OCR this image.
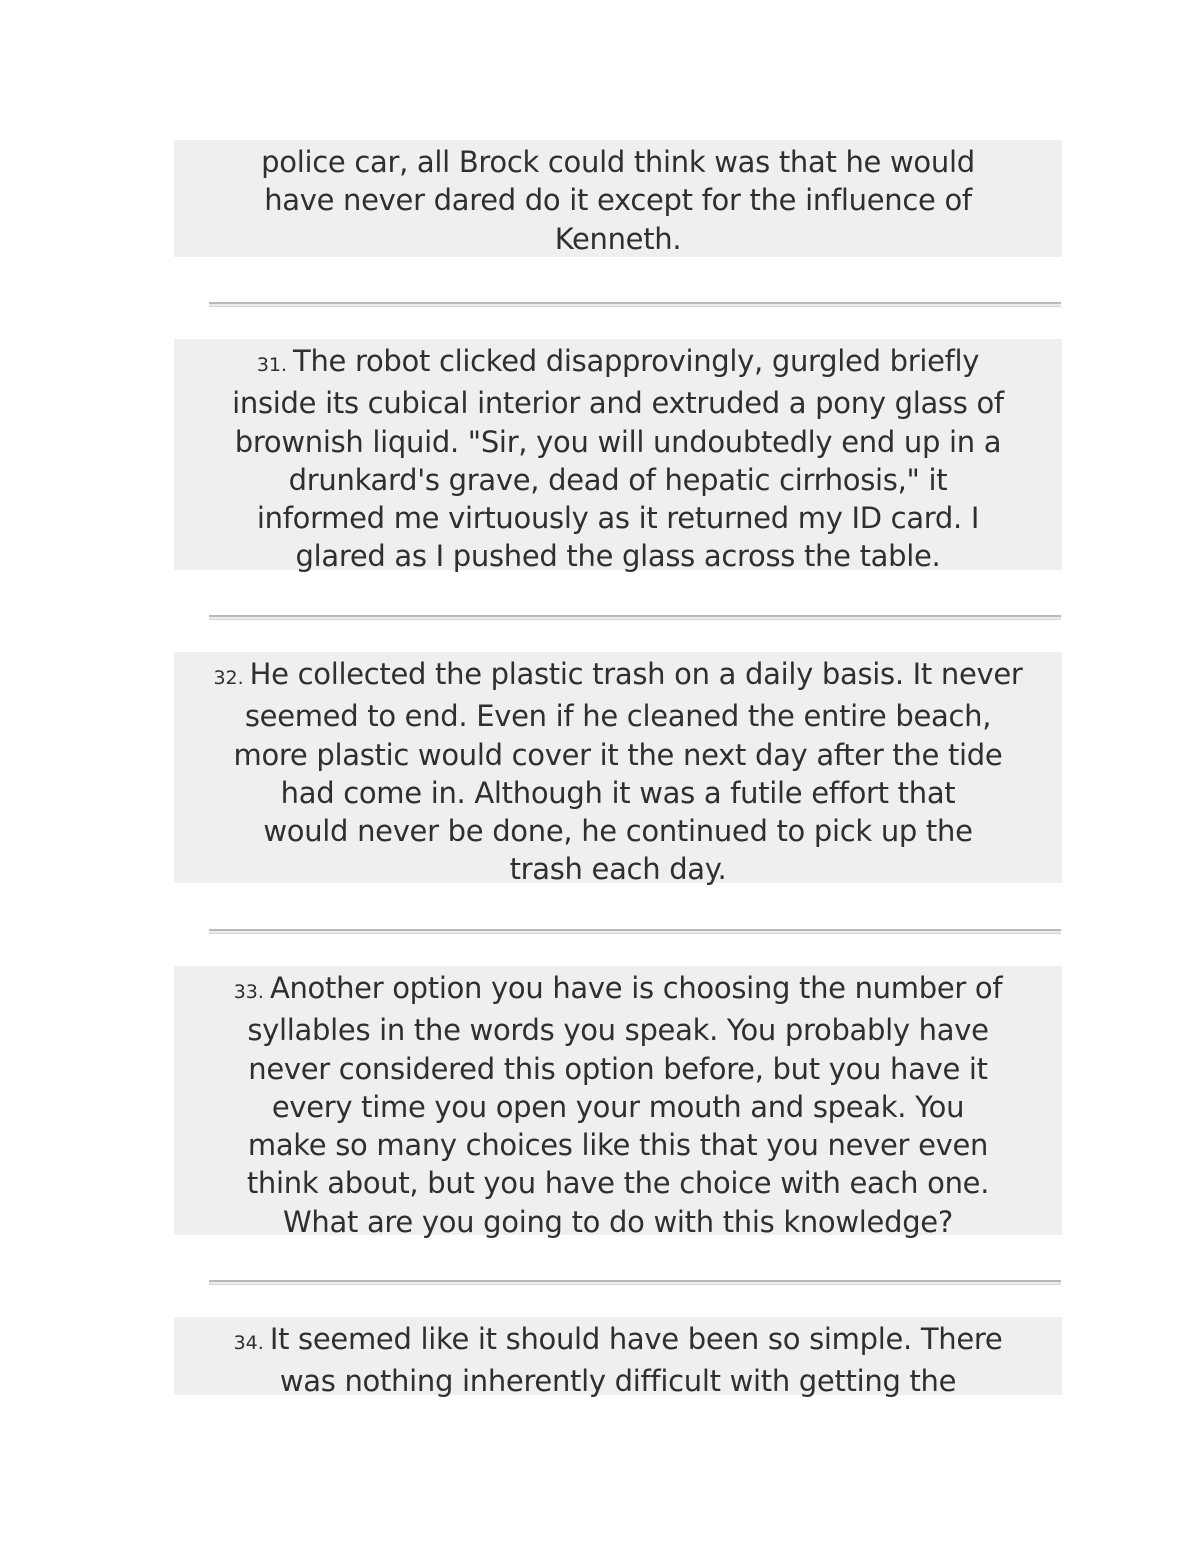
police car, all Brock could think was that he would
have never dared do it except for the influence of
Kenneth.
31. The robot clicked disapprovingly, gurgled briefly
inside its cubical interior and extruded a pony glass of
brownish liquid. "Sir, you will undoubtedly end up in a
drunkard's grave, dead of hepatic cirrhosis," it
informed me virtuously as it returned my ID card. I
glared as I pushed the glass across the table.
32. He collected the plastic trash on a daily basis. It never
seemed to end. Even if he cleaned the entire beach,
more plastic would cover it the next day after the tide
had come in. Although it was a futile effort that
would never be done, he continued to pick up the
trash each day.
33. Another option you have is choosing the number of
syllables in the words you speak. You probably have
never considered this option before, but you have it
every time you open your mouth and speak. You
make so many choices like this that you never even
think about, but you have the choice with each one.
What are you going to do with this knowledge?
34. It seemed like it should have been so simple. There
was nothing inherently difficult with getting the
